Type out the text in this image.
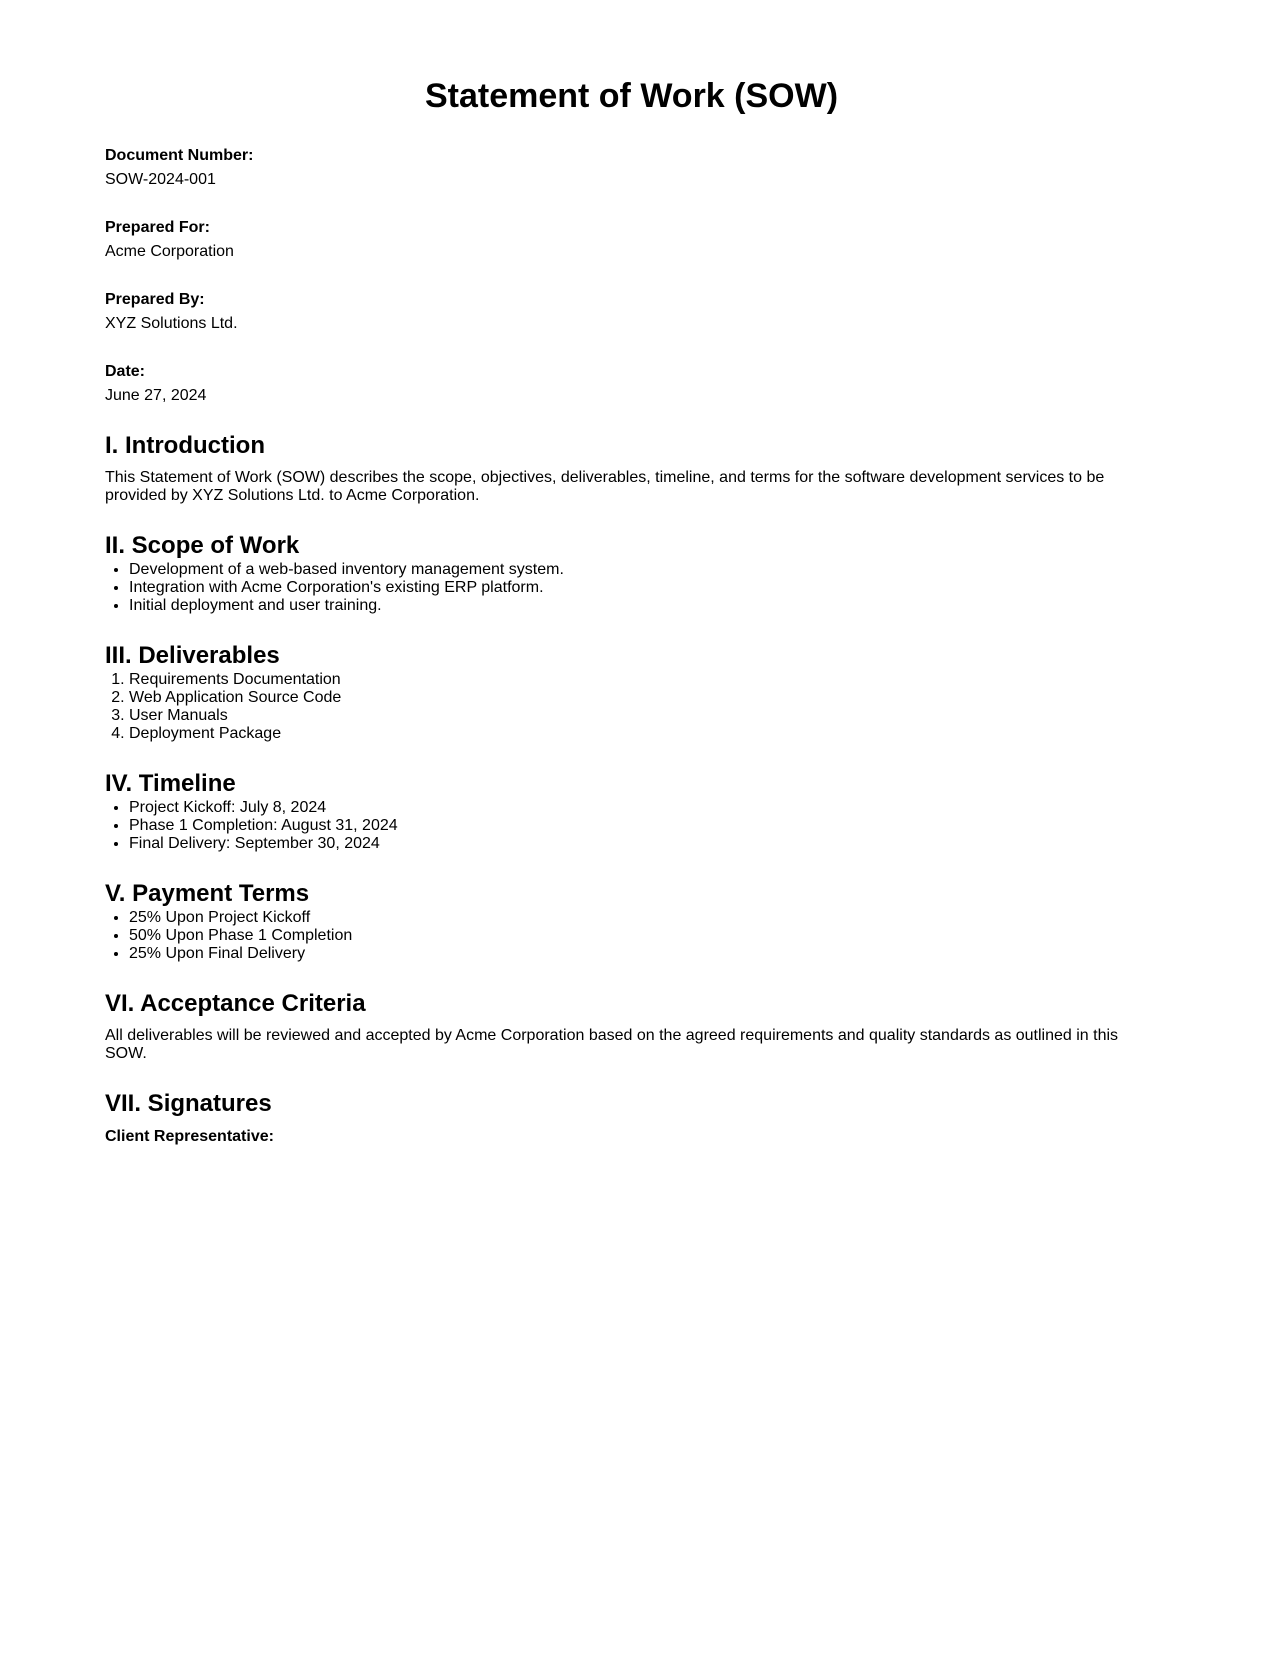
Statement of Work (SOW)
Document Number:
SOW-2024-001
Prepared For:
Acme Corporation
Prepared By:
XYZ Solutions Ltd.
Date:
June 27, 2024
I. Introduction

This Statement of Work (SOW) describes the scope, objectives, deliverables, timeline, and terms for the software development services to be provided by XYZ Solutions Ltd. to Acme Corporation.

II. Scope of Work
• Development of a web-based inventory management system.
• Integration with Acme Corporation's existing ERP platform.
• Initial deployment and user training.
III. Deliverables
1. Requirements Documentation
2. Web Application Source Code
3. User Manuals
4. Deployment Package
IV. Timeline
• Project Kickoff: July 8, 2024
• Phase 1 Completion: August 31, 2024
• Final Delivery: September 30, 2024
V. Payment Terms
• 25% Upon Project Kickoff
• 50% Upon Phase 1 Completion
• 25% Upon Final Delivery
VI. Acceptance Criteria

All deliverables will be reviewed and accepted by Acme Corporation based on the agreed requirements and quality standards as outlined in this SOW.

VII. Signatures
Client Representative:
